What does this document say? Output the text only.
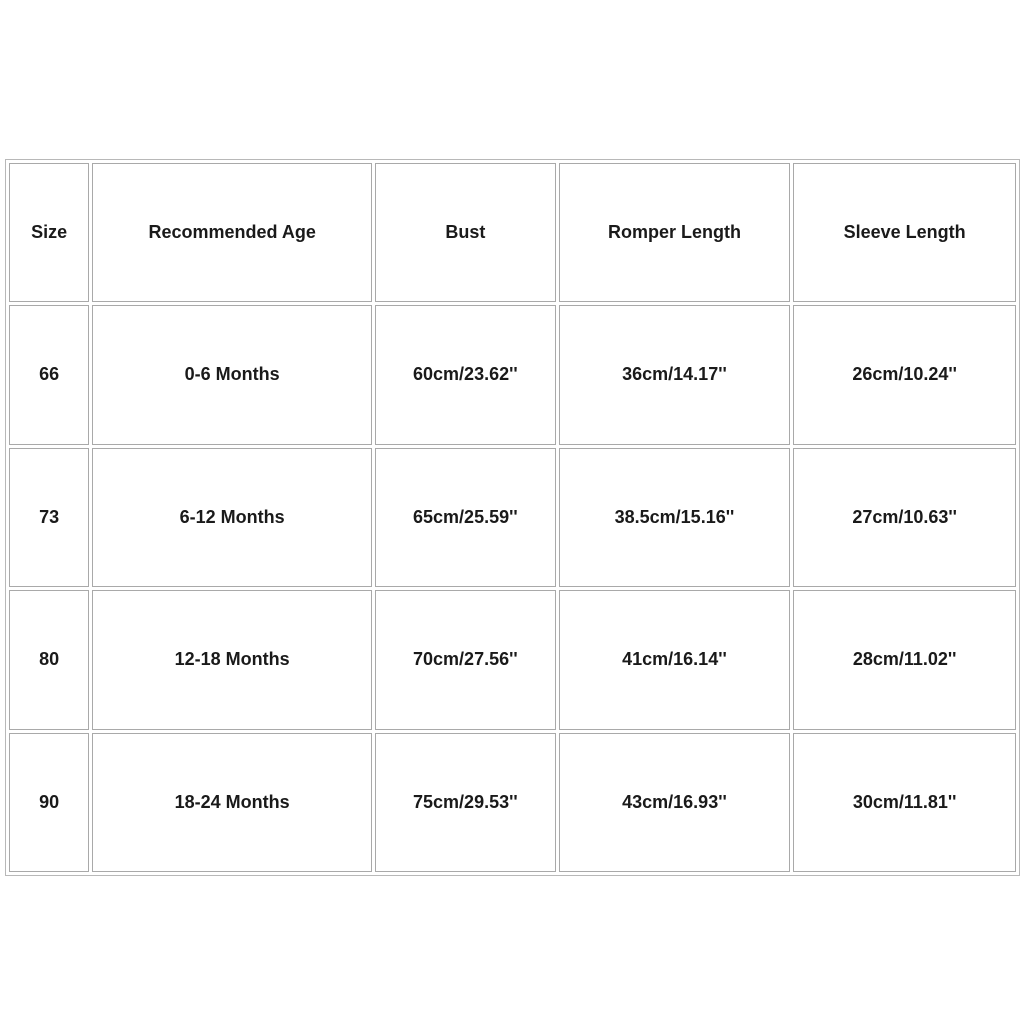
Size	Recommended Age	Bust	Romper Length	Sleeve Length
66	0-6 Months	60cm/23.62''	36cm/14.17''	26cm/10.24''
73	6-12 Months	65cm/25.59''	38.5cm/15.16''	27cm/10.63''
80	12-18 Months	70cm/27.56''	41cm/16.14''	28cm/11.02''
90	18-24 Months	75cm/29.53''	43cm/16.93''	30cm/11.81''
